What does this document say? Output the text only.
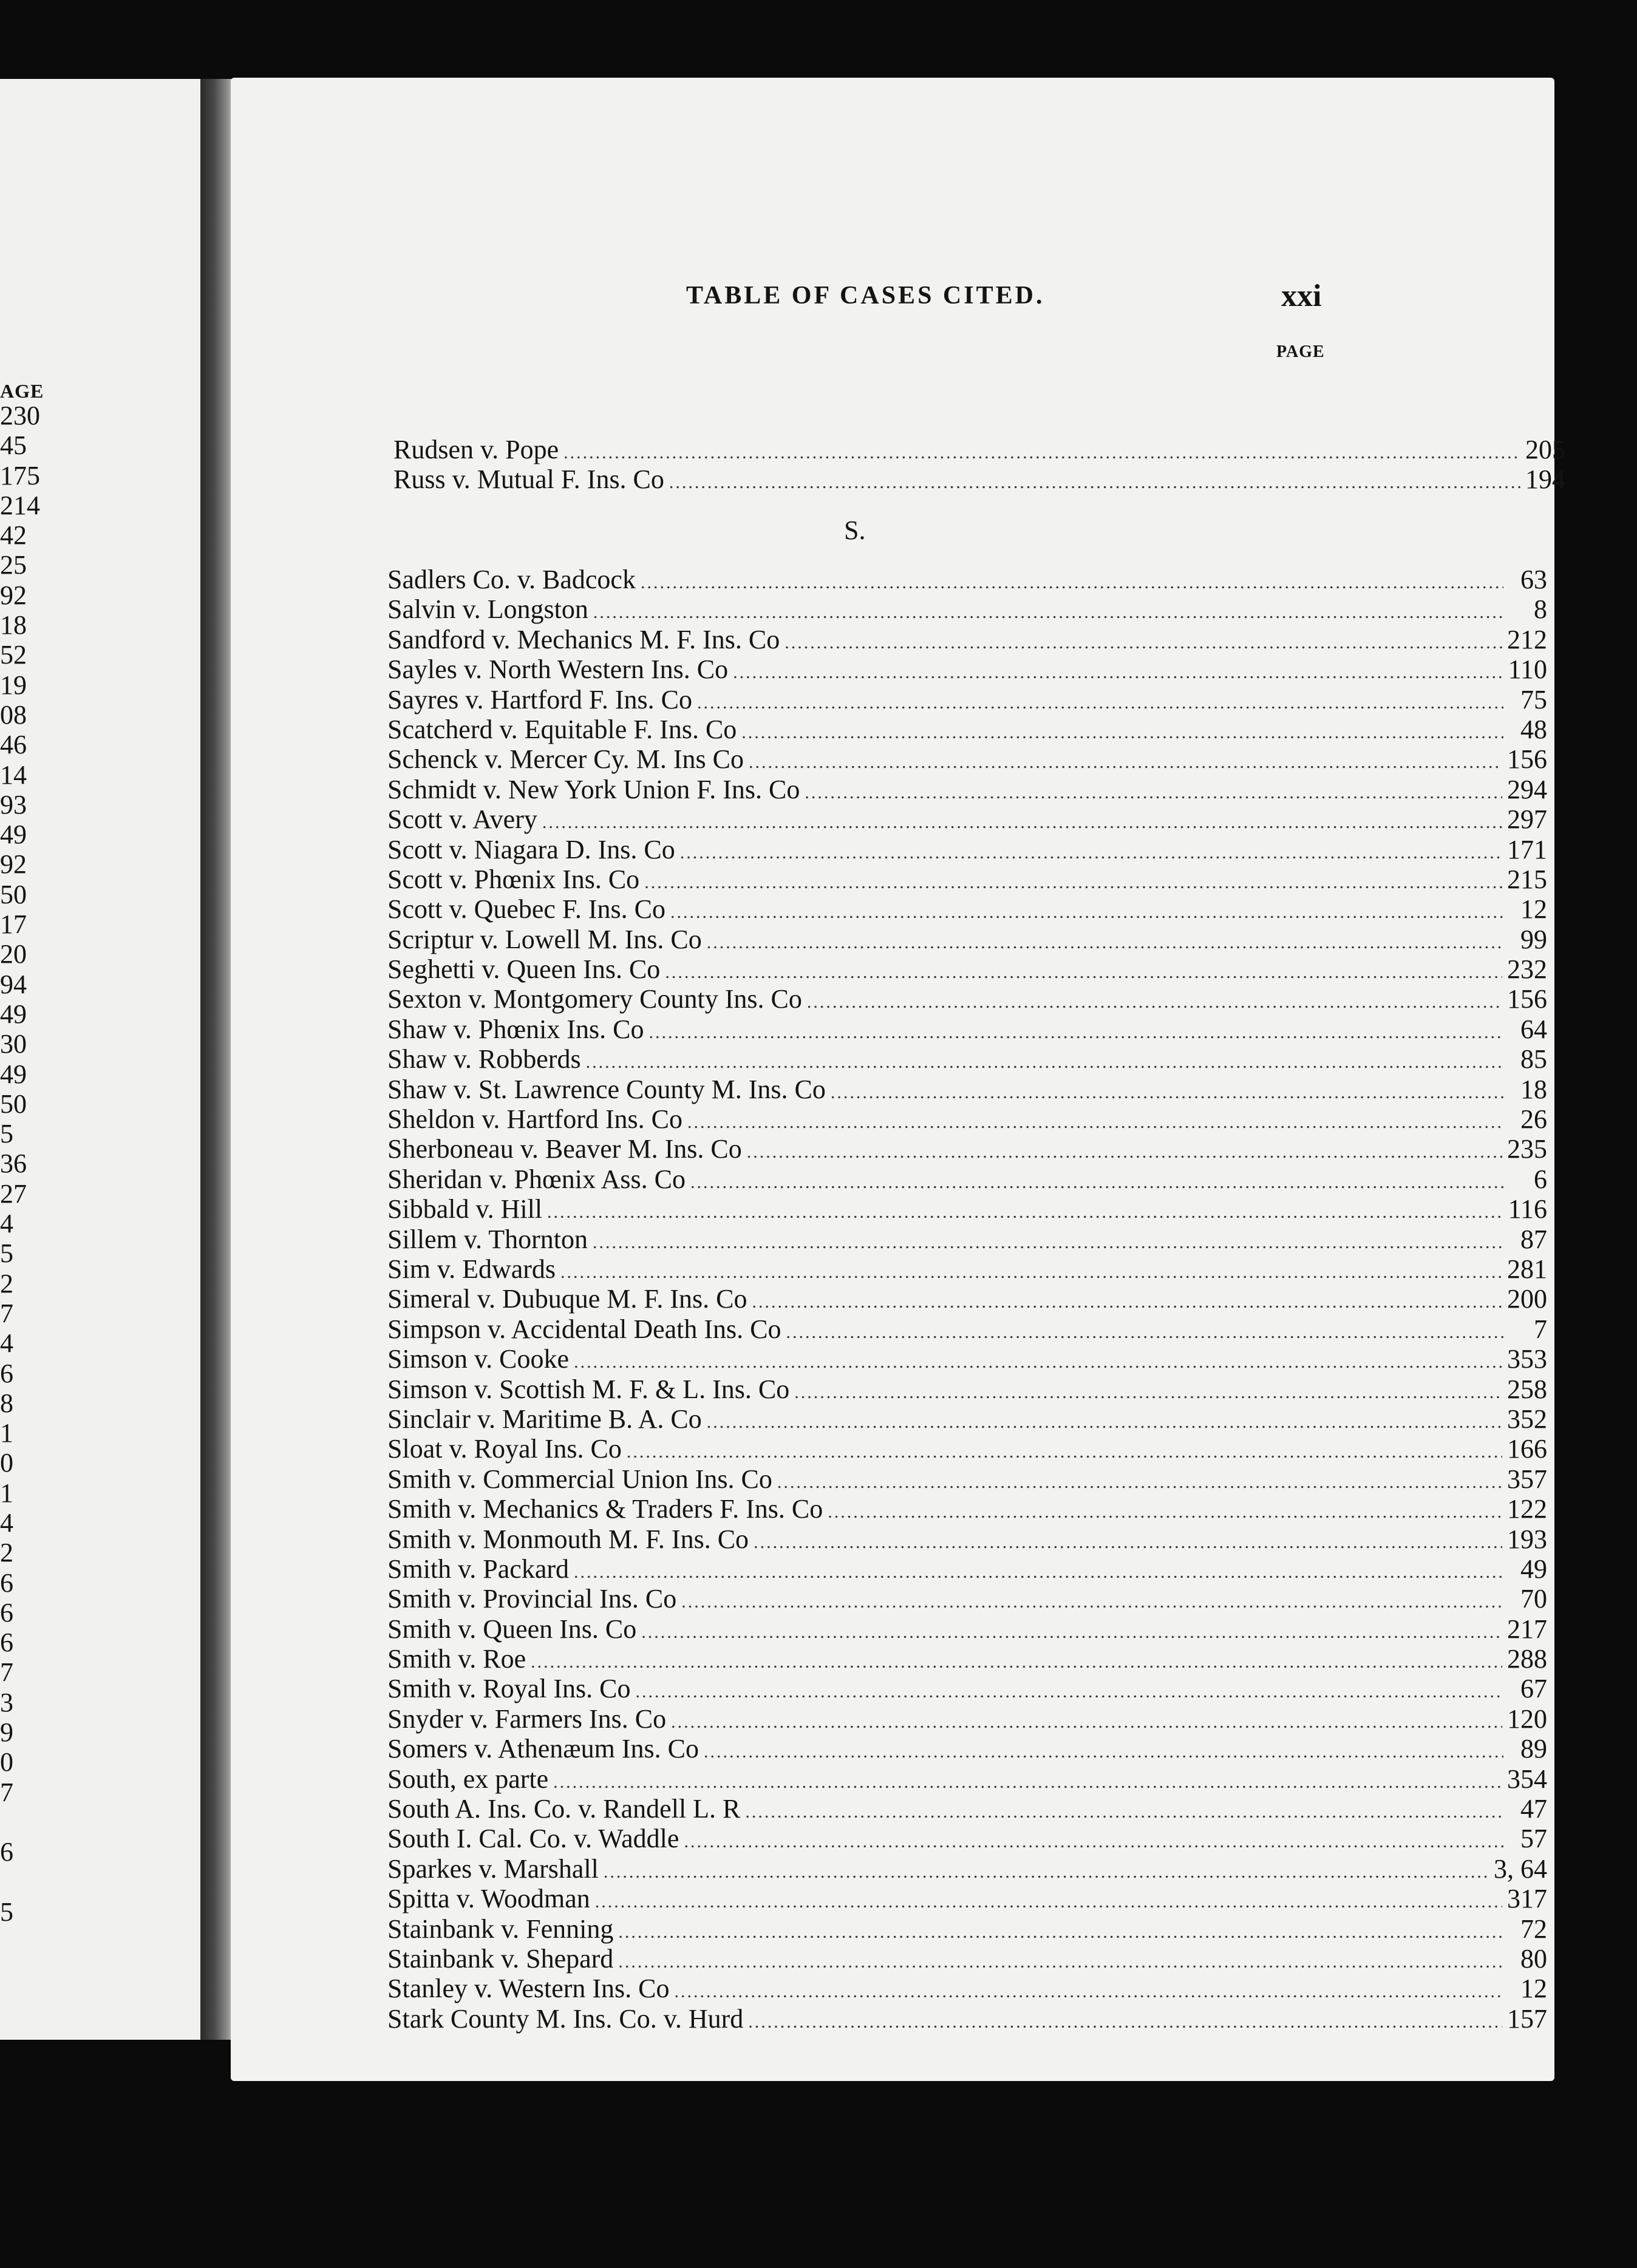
AGE
230
45
175
214
42
25
92
18
52
19
08
46
14
93
49
92
50
17
20
94
49
30
49
50
5
36
27
4
5
2
7
4
6
8
1
0
1
4
2
6
6
6
7
3
9
0
7
6
5
TABLE OF CASES CITED.	xxi
PAGE
Rudsen v. Pope .....	205
Russ v. Mutual F. Ins. Co .....	194
S.
Sadlers Co. v. Badcock .....	63
Salvin v. Longston .....	8
Sandford v. Mechanics M. F. Ins. Co .....	212
Sayles v. North Western Ins. Co .....	110
Sayres v. Hartford F. Ins. Co .....	75
Scatcherd v. Equitable F. Ins. Co .....	48
Schenck v. Mercer Cy. M. Ins Co .....	156
Schmidt v. New York Union F. Ins. Co .....	294
Scott v. Avery .....	297
Scott v. Niagara D. Ins. Co .....	171
Scott v. Phœnix Ins. Co .....	215
Scott v. Quebec F. Ins. Co .....	12
Scriptur v. Lowell M. Ins. Co .....	99
Seghetti v. Queen Ins. Co .....	232
Sexton v. Montgomery County Ins. Co .....	156
Shaw v. Phœnix Ins. Co .....	64
Shaw v. Robberds .....	85
Shaw v. St. Lawrence County M. Ins. Co .....	18
Sheldon v. Hartford Ins. Co .....	26
Sherboneau v. Beaver M. Ins. Co .....	235
Sheridan v. Phœnix Ass. Co .....	6
Sibbald v. Hill .....	116
Sillem v. Thornton .....	87
Sim v. Edwards .....	281
Simeral v. Dubuque M. F. Ins. Co .....	200
Simpson v. Accidental Death Ins. Co .....	7
Simson v. Cooke .....	353
Simson v. Scottish M. F. & L. Ins. Co .....	258
Sinclair v. Maritime B. A. Co .....	352
Sloat v. Royal Ins. Co .....	166
Smith v. Commercial Union Ins. Co .....	357
Smith v. Mechanics & Traders F. Ins. Co .....	122
Smith v. Monmouth M. F. Ins. Co .....	193
Smith v. Packard .....	49
Smith v. Provincial Ins. Co .....	70
Smith v. Queen Ins. Co .....	217
Smith v. Roe .....	288
Smith v. Royal Ins. Co .....	67
Snyder v. Farmers Ins. Co .....	120
Somers v. Athenæum Ins. Co .....	89
South, ex parte .....	354
South A. Ins. Co. v. Randell L. R .....	47
South I. Cal. Co. v. Waddle .....	57
Sparkes v. Marshall .....	3, 64
Spitta v. Woodman .....	317
Stainbank v. Fenning .....	72
Stainbank v. Shepard .....	80
Stanley v. Western Ins. Co .....	12
Stark County M. Ins. Co. v. Hurd .....	157
